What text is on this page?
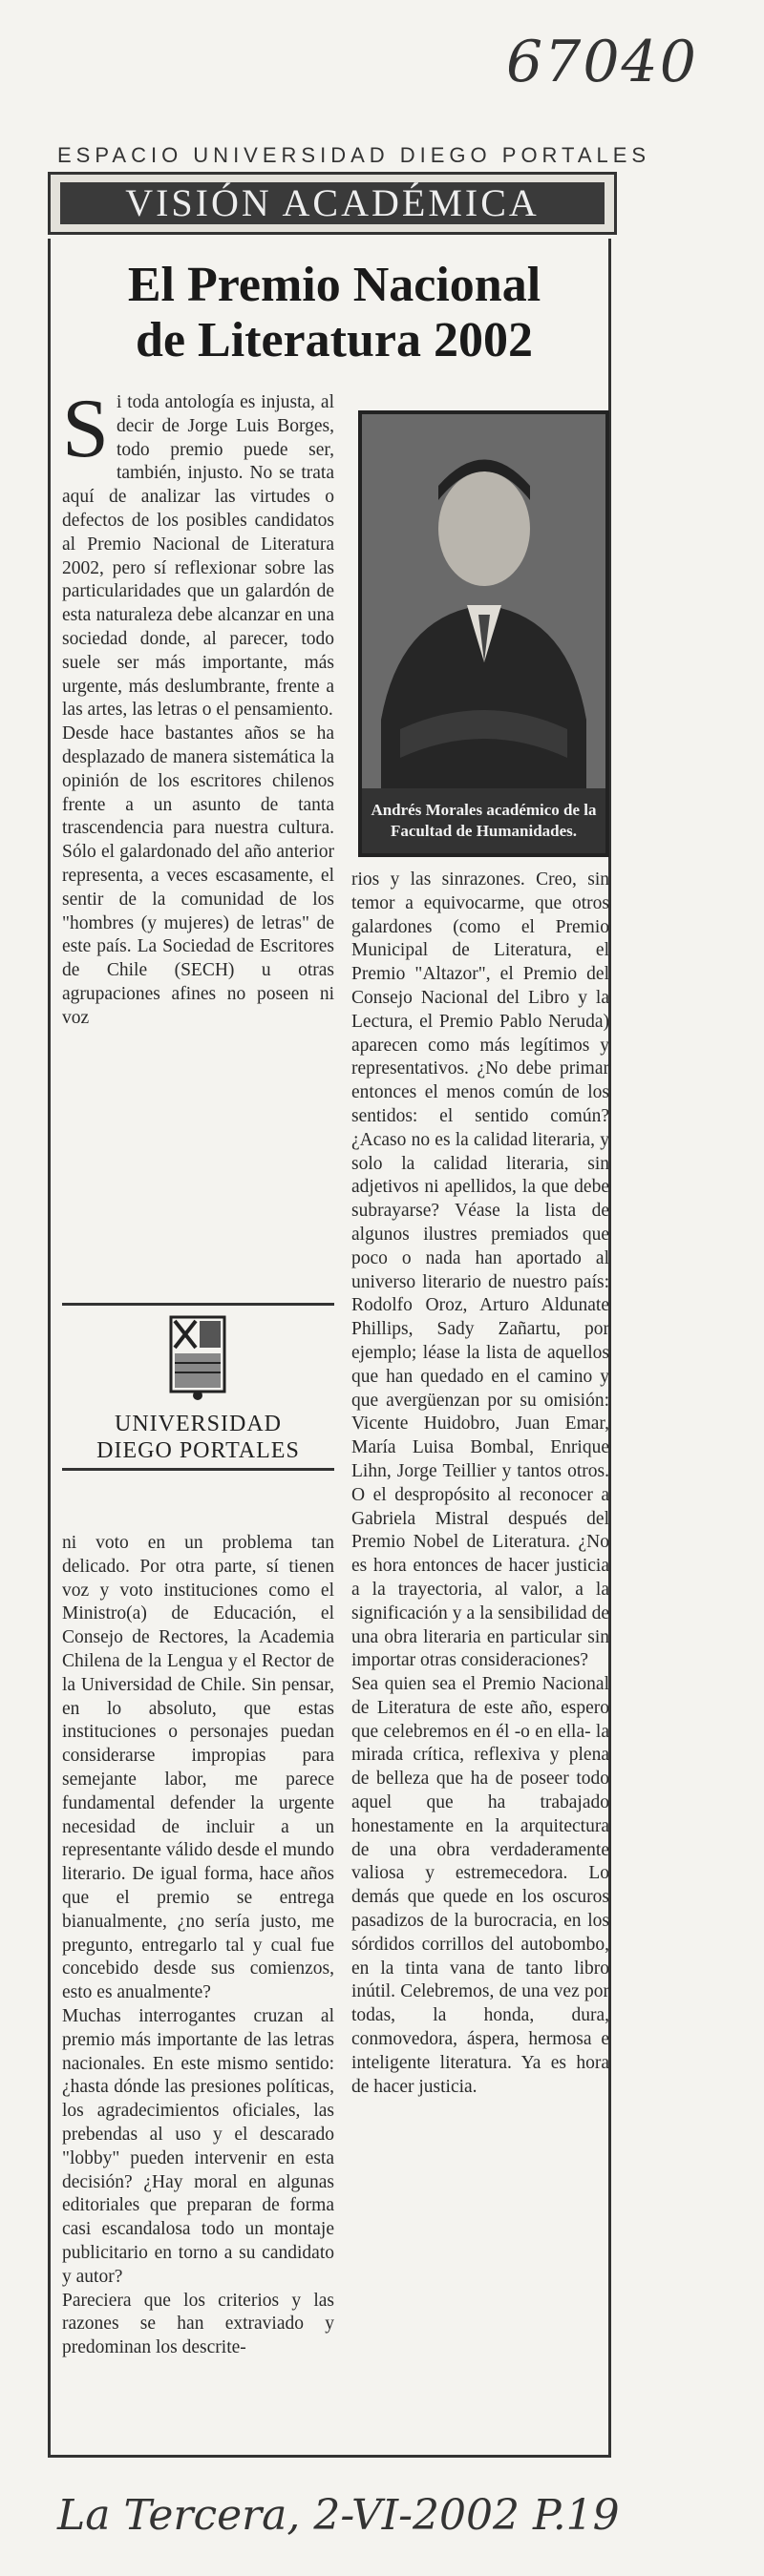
67040
ESPACIO UNIVERSIDAD DIEGO PORTALES
VISIÓN ACADÉMICA
El Premio Nacional
de Literatura 2002

Si toda antología es injusta, al decir de Jorge Luis Borges, todo premio puede ser, también, injusto. No se trata aquí de analizar las virtudes o defectos de los posibles candidatos al Premio Nacional de Literatura 2002, pero sí reflexionar sobre las particularidades que un galardón de esta naturaleza debe alcanzar en una sociedad donde, al parecer, todo suele ser más importante, más urgente, más deslumbrante, frente a las artes, las letras o el pensamiento.

Desde hace bastantes años se ha desplazado de manera sistemática la opinión de los escritores chilenos frente a un asunto de tanta trascendencia para nuestra cultura. Sólo el galardonado del año anterior representa, a veces escasamente, el sentir de la comunidad de los "hombres (y mujeres) de letras" de este país. La Sociedad de Escritores de Chile (SECH) u otras agrupaciones afines no poseen ni voz

Andrés Morales académico de la Facultad de Humanidades.

rios y las sinrazones. Creo, sin temor a equivocarme, que otros galardones (como el Premio Municipal de Literatura, el Premio "Altazor", el Premio del Consejo Nacional del Libro y la Lectura, el Premio Pablo Neruda) aparecen como más legítimos y representativos. ¿No debe primar entonces el menos común de los sentidos: el sentido común? ¿Acaso no es la calidad literaria, y solo la calidad literaria, sin adjetivos ni apellidos, la que debe subrayarse? Véase la lista de algunos ilustres premiados que poco o nada han aportado al universo literario de nuestro país: Rodolfo Oroz, Arturo Aldunate Phillips, Sady Zañartu, por ejemplo; léase la lista de aquellos que han quedado en el camino y que avergüenzan por su omisión: Vicente Huidobro, Juan Emar, María Luisa Bombal, Enrique Lihn, Jorge Teillier y tantos otros. O el despropósito al reconocer a Gabriela Mistral después del Premio Nobel de Literatura. ¿No es hora entonces de hacer justicia a la trayectoria, al valor, a la significación y a la sensibilidad de una obra literaria en particular sin importar otras consideraciones?

Sea quien sea el Premio Nacional de Literatura de este año, espero que celebremos en él -o en ella- la mirada crítica, reflexiva y plena de belleza que ha de poseer todo aquel que ha trabajado honestamente en la arquitectura de una obra verdaderamente valiosa y estremecedora. Lo demás que quede en los oscuros pasadizos de la burocracia, en los sórdidos corrillos del autobombo, en la tinta vana de tanto libro inútil. Celebremos, de una vez por todas, la honda, dura, conmovedora, áspera, hermosa e inteligente literatura. Ya es hora de hacer justicia.

UNIVERSIDAD
DIEGO PORTALES

ni voto en un problema tan delicado. Por otra parte, sí tienen voz y voto instituciones como el Ministro(a) de Educación, el Consejo de Rectores, la Academia Chilena de la Lengua y el Rector de la Universidad de Chile. Sin pensar, en lo absoluto, que estas instituciones o personajes puedan considerarse impropias para semejante labor, me parece fundamental defender la urgente necesidad de incluir a un representante válido desde el mundo literario. De igual forma, hace años que el premio se entrega bianualmente, ¿no sería justo, me pregunto, entregarlo tal y cual fue concebido desde sus comienzos, esto es anualmente?

Muchas interrogantes cruzan al premio más importante de las letras nacionales. En este mismo sentido: ¿hasta dónde las presiones políticas, los agradecimientos oficiales, las prebendas al uso y el descarado "lobby" pueden intervenir en esta decisión? ¿Hay moral en algunas editoriales que preparan de forma casi escandalosa todo un montaje publicitario en torno a su candidato y autor?

Pareciera que los criterios y las razones se han extraviado y predominan los descrite-

La Tercera, 2-VI-2002 P.19
